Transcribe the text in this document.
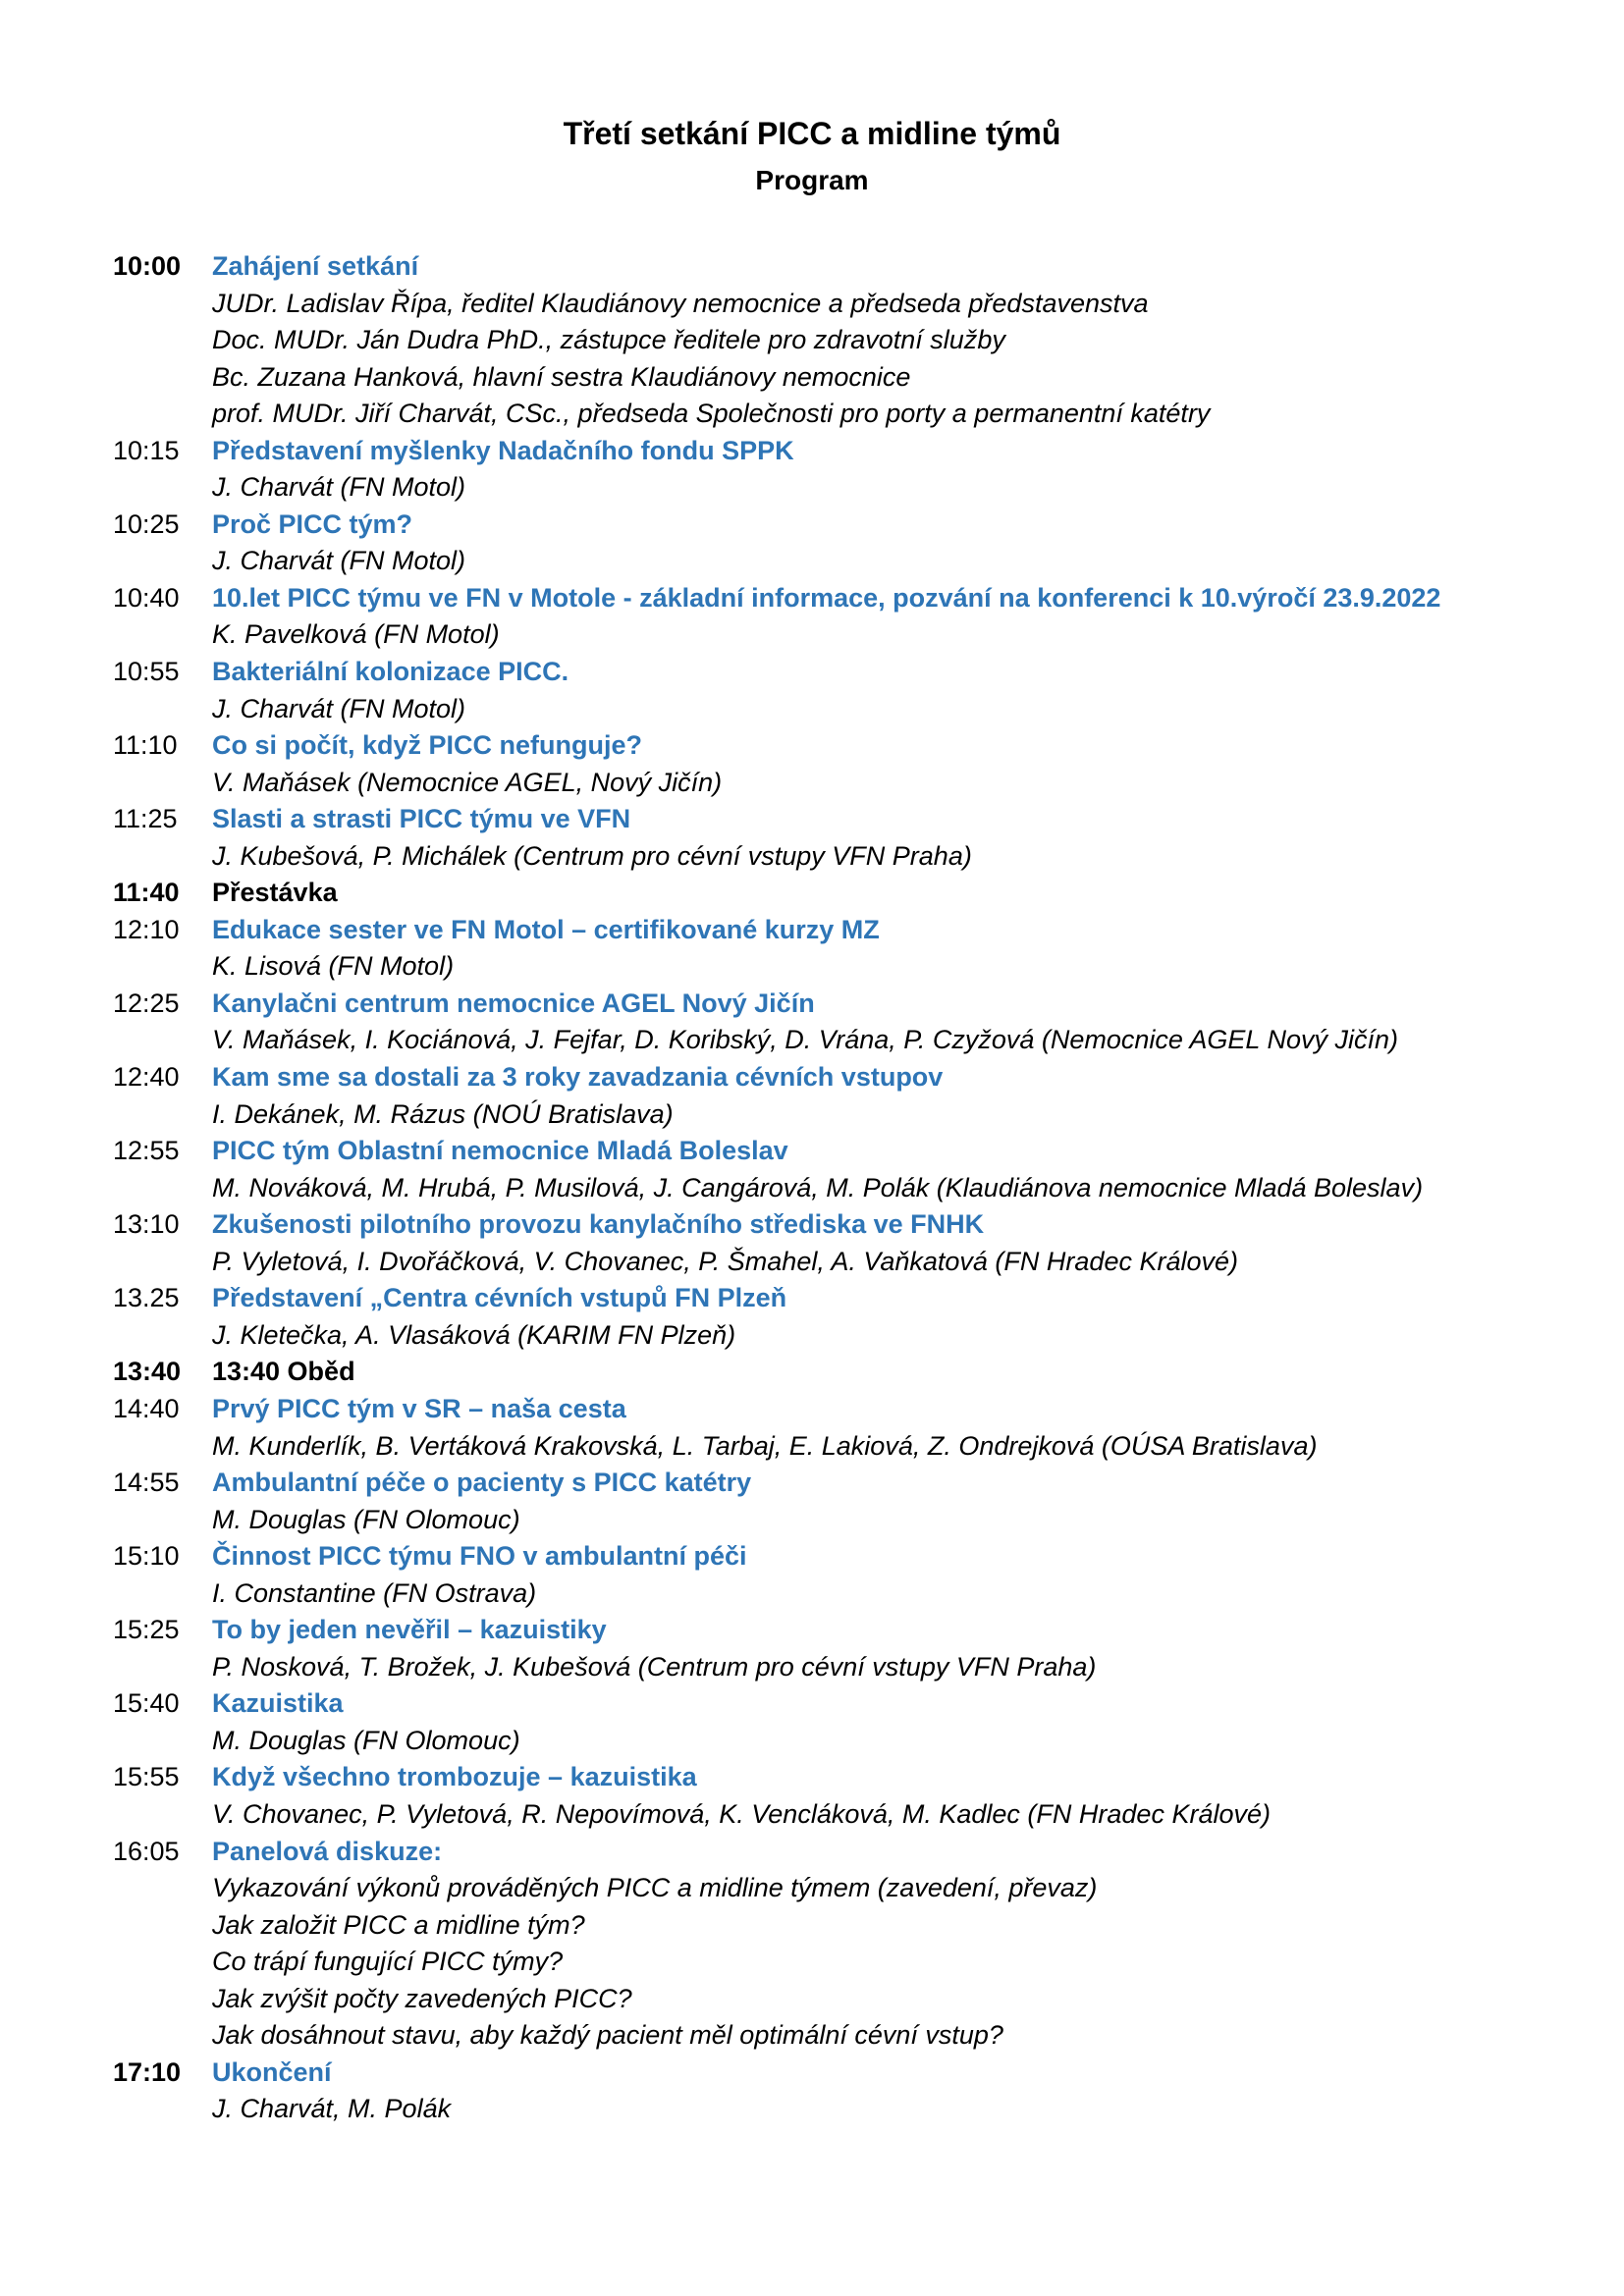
Třetí setkání PICC a midline týmů
Program
10:00	Zahájení setkání
JUDr. Ladislav Řípa, ředitel Klaudiánovy nemocnice a předseda představenstva
Doc. MUDr. Ján Dudra PhD., zástupce ředitele pro zdravotní služby
Bc. Zuzana Hanková, hlavní sestra Klaudiánovy nemocnice
prof. MUDr. Jiří Charvát, CSc., předseda Společnosti pro porty a permanentní katétry
10:15	Představení myšlenky Nadačního fondu SPPK
J. Charvát (FN Motol)
10:25	Proč PICC tým?
J. Charvát (FN Motol)
10:40	10.let PICC týmu ve FN v Motole - základní informace, pozvání na konferenci k 10.výročí 23.9.2022
K. Pavelková (FN Motol)
10:55	Bakteriální kolonizace PICC.
J. Charvát (FN Motol)
11:10	Co si počít, když PICC nefunguje?
V. Maňásek (Nemocnice AGEL, Nový Jičín)
11:25	Slasti a strasti PICC týmu ve VFN
J. Kubešová, P. Michálek (Centrum pro cévní vstupy VFN Praha)
11:40	Přestávka
12:10	Edukace sester ve FN Motol – certifikované kurzy MZ
K. Lisová (FN Motol)
12:25	Kanylačni centrum nemocnice AGEL Nový Jičín
V. Maňásek, I. Kociánová, J. Fejfar, D. Koribský, D. Vrána, P. Czyžová (Nemocnice AGEL Nový Jičín)
12:40	Kam sme sa dostali za 3 roky zavadzania cévních vstupov
I. Dekánek, M. Rázus (NOÚ Bratislava)
12:55	PICC tým Oblastní nemocnice Mladá Boleslav
M. Nováková, M. Hrubá, P. Musilová, J. Cangárová, M. Polák (Klaudiánova nemocnice Mladá Boleslav)
13:10	Zkušenosti pilotního provozu kanylačního střediska ve FNHK
P. Vyletová, I. Dvořáčková, V. Chovanec, P. Šmahel, A. Vaňkatová (FN Hradec Králové)
13.25	Představení „Centra cévních vstupů FN Plzeň
J. Kletečka, A. Vlasáková (KARIM FN Plzeň)
13:40	13:40 Oběd
14:40	Prvý PICC tým v SR – naša cesta
M. Kunderlík, B. Vertáková Krakovská, L. Tarbaj, E. Lakiová, Z. Ondrejková (OÚSA Bratislava)
14:55	Ambulantní péče o pacienty s PICC katétry
M. Douglas (FN Olomouc)
15:10	Činnost PICC týmu FNO v ambulantní péči
I. Constantine (FN Ostrava)
15:25	To by jeden nevěřil – kazuistiky
P. Nosková, T. Brožek, J. Kubešová (Centrum pro cévní vstupy VFN Praha)
15:40	Kazuistika
M. Douglas (FN Olomouc)
15:55	Když všechno trombozuje – kazuistika
V. Chovanec, P. Vyletová, R. Nepovímová, K. Vencláková, M. Kadlec (FN Hradec Králové)
16:05	Panelová diskuze:
Vykazování výkonů prováděných PICC a midline týmem (zavedení, převaz)
Jak založit PICC a midline tým?
Co trápí fungující PICC týmy?
Jak zvýšit počty zavedených PICC?
Jak dosáhnout stavu, aby každý pacient měl optimální cévní vstup?
17:10	Ukončení
J. Charvát, M. Polák
